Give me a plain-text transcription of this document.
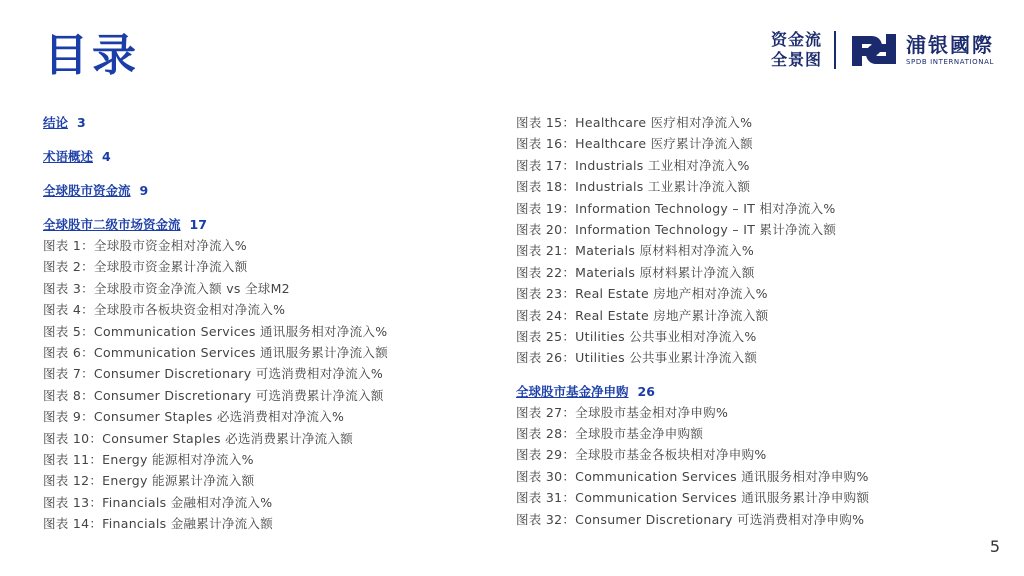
目录	资金流
全景图
浦银國際
SPDB INTERNATIONAL
结论 3
术语概述 4
全球股市资金流 9
全球股市二级市场资金流 17
图表 1：全球股市资金相对净流入%
图表 2：全球股市资金累计净流入额
图表 3：全球股市资金净流入额 vs 全球M2
图表 4：全球股市各板块资金相对净流入%
图表 5：Communication Services 通讯服务相对净流入%
图表 6：Communication Services 通讯服务累计净流入额
图表 7：Consumer Discretionary 可选消费相对净流入%
图表 8：Consumer Discretionary 可选消费累计净流入额
图表 9：Consumer Staples 必选消费相对净流入%
图表 10：Consumer Staples 必选消费累计净流入额
图表 11：Energy 能源相对净流入%
图表 12：Energy 能源累计净流入额
图表 13：Financials 金融相对净流入%
图表 14：Financials 金融累计净流入额
图表 15：Healthcare 医疗相对净流入%
图表 16：Healthcare 医疗累计净流入额
图表 17：Industrials 工业相对净流入%
图表 18：Industrials 工业累计净流入额
图表 19：Information Technology – IT 相对净流入%
图表 20：Information Technology – IT 累计净流入额
图表 21：Materials 原材料相对净流入%
图表 22：Materials 原材料累计净流入额
图表 23：Real Estate 房地产相对净流入%
图表 24：Real Estate 房地产累计净流入额
图表 25：Utilities 公共事业相对净流入%
图表 26：Utilities 公共事业累计净流入额
全球股市基金净申购 26
图表 27：全球股市基金相对净申购%
图表 28：全球股市基金净申购额
图表 29：全球股市基金各板块相对净申购%
图表 30：Communication Services 通讯服务相对净申购%
图表 31：Communication Services 通讯服务累计净申购额
图表 32：Consumer Discretionary 可选消费相对净申购%
5
